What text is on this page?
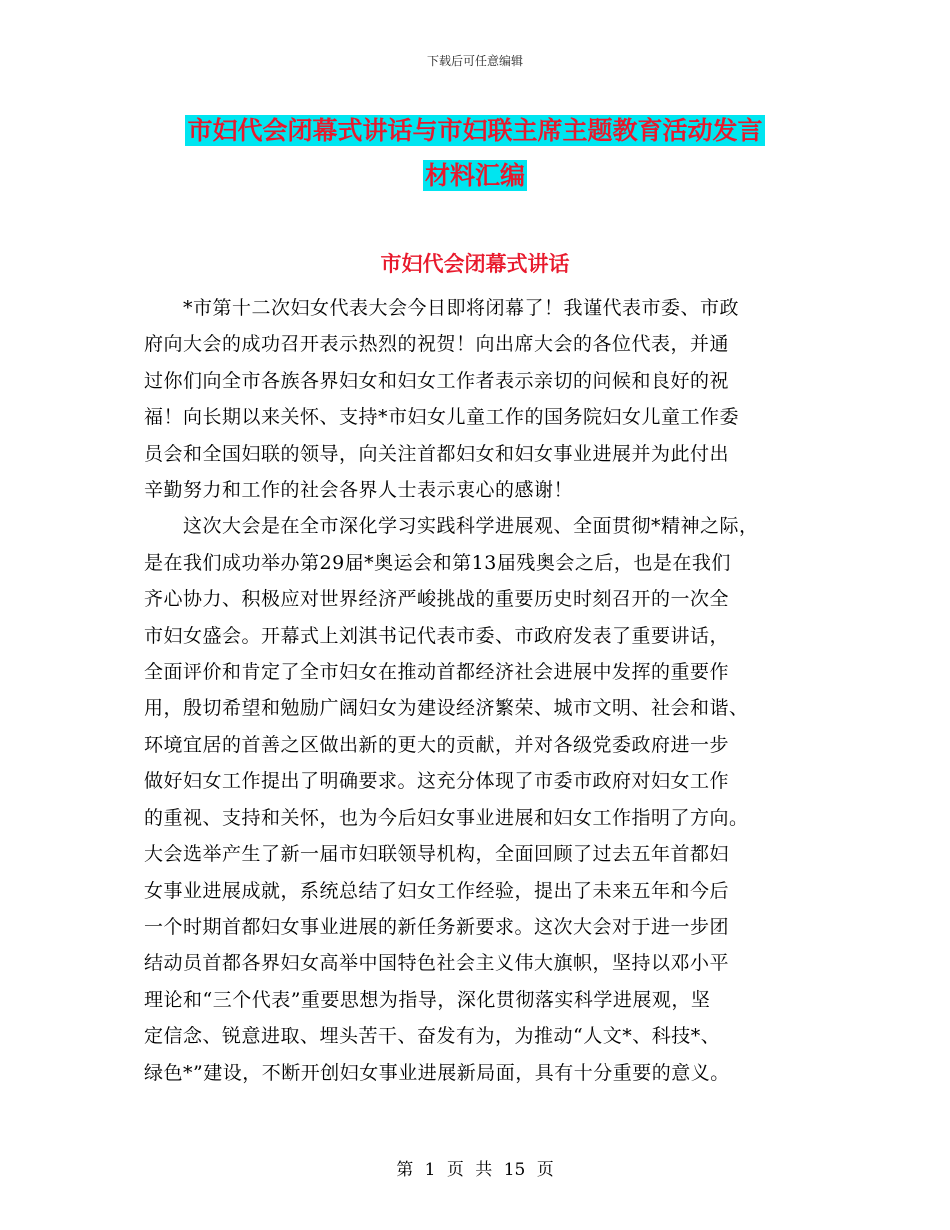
下载后可任意编辑
市妇代会闭幕式讲话与市妇联主席主题教育活动发言
材料汇编
市妇代会闭幕式讲话
　　*市第十二次妇女代表大会今日即将闭幕了！我谨代表市委、市政
府向大会的成功召开表示热烈的祝贺！向出席大会的各位代表，并通
过你们向全市各族各界妇女和妇女工作者表示亲切的问候和良好的祝
福！向长期以来关怀、支持*市妇女儿童工作的国务院妇女儿童工作委
员会和全国妇联的领导，向关注首都妇女和妇女事业进展并为此付出
辛勤努力和工作的社会各界人士表示衷心的感谢！
　　这次大会是在全市深化学习实践科学进展观、全面贯彻*精神之际，
是在我们成功举办第29届*奥运会和第13届残奥会之后，也是在我们
齐心协力、积极应对世界经济严峻挑战的重要历史时刻召开的一次全
市妇女盛会。开幕式上刘淇书记代表市委、市政府发表了重要讲话，
全面评价和肯定了全市妇女在推动首都经济社会进展中发挥的重要作
用，殷切希望和勉励广阔妇女为建设经济繁荣、城市文明、社会和谐、
环境宜居的首善之区做出新的更大的贡献，并对各级党委政府进一步
做好妇女工作提出了明确要求。这充分体现了市委市政府对妇女工作
的重视、支持和关怀，也为今后妇女事业进展和妇女工作指明了方向。
大会选举产生了新一届市妇联领导机构，全面回顾了过去五年首都妇
女事业进展成就，系统总结了妇女工作经验，提出了未来五年和今后
一个时期首都妇女事业进展的新任务新要求。这次大会对于进一步团
结动员首都各界妇女高举中国特色社会主义伟大旗帜，坚持以邓小平
理论和“三个代表”重要思想为指导，深化贯彻落实科学进展观，坚
定信念、锐意进取、埋头苦干、奋发有为，为推动“人文*、科技*、
绿色*”建设，不断开创妇女事业进展新局面，具有十分重要的意义。
第 1 页 共 15 页
